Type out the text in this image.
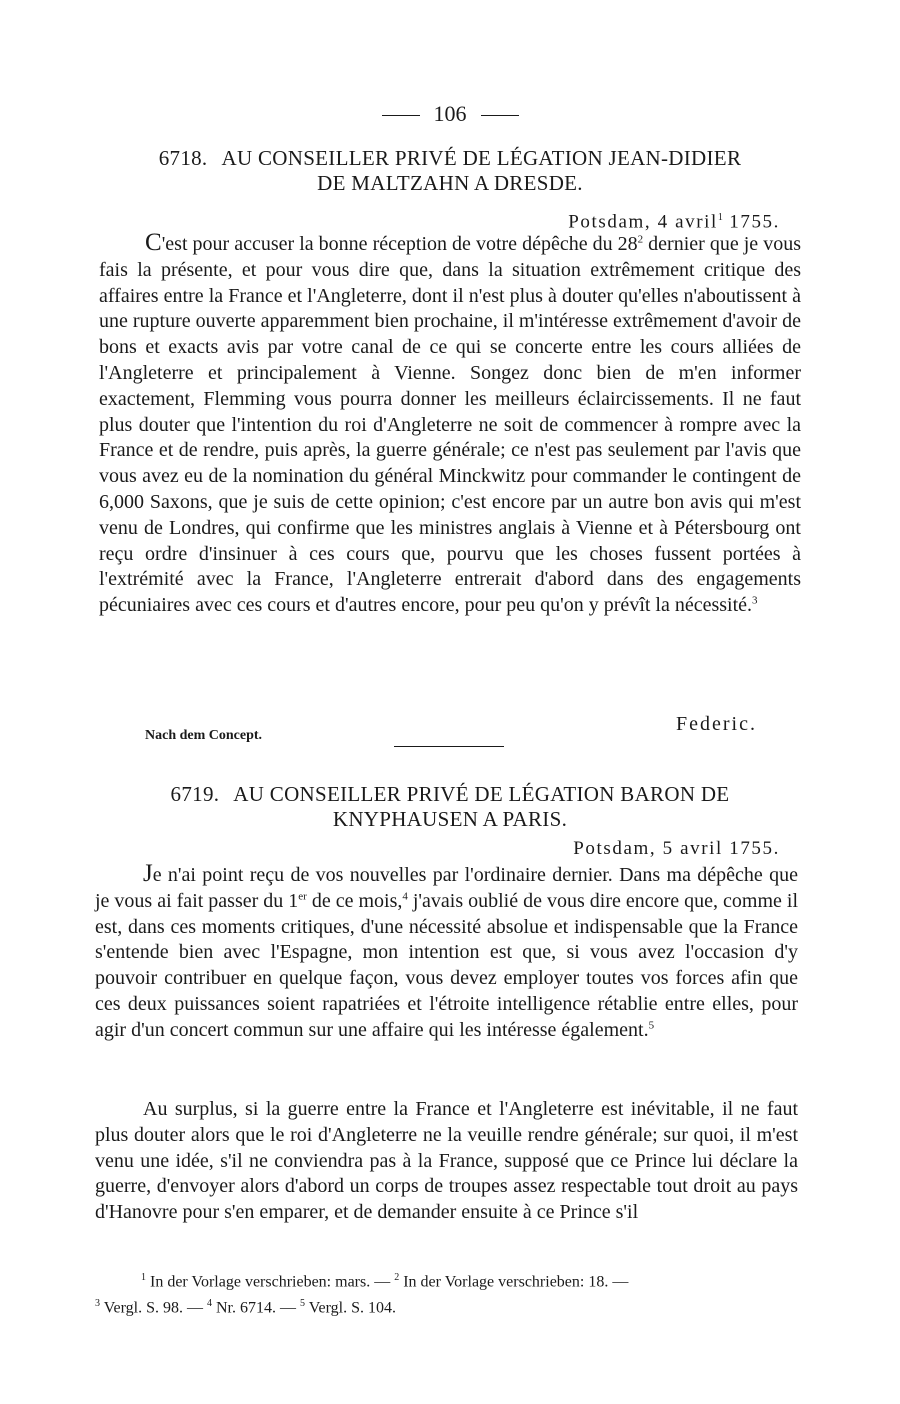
106
6718. AU CONSEILLER PRIVÉ DE LÉGATION JEAN-DIDIER
DE MALTZAHN A DRESDE.
Potsdam, 4 avril$^1$ 1755.

C'est pour accuser la bonne réception de votre dépêche du $28^2$ dernier que je vous fais la présente, et pour vous dire que, dans la situation extrêmement critique des affaires entre la France et l'Angleterre, dont il n'est plus à douter qu'elles n'aboutissent à une rupture ouverte apparemment bien prochaine, il m'intéresse extrêmement d'avoir de bons et exacts avis par votre canal de ce qui se concerte entre les cours alliées de l'Angleterre et principalement à Vienne. Songez donc bien de m'en informer exactement, Flemming vous pourra donner les meilleurs éclaircissements. Il ne faut plus douter que l'intention du roi d'Angleterre ne soit de commencer à rompre avec la France et de rendre, puis après, la guerre générale; ce n'est pas seulement par l'avis que vous avez eu de la nomination du général Minckwitz pour commander le contingent de 6,000 Saxons, que je suis de cette opinion; c'est encore par un autre bon avis qui m'est venu de Londres, qui confirme que les ministres anglais à Vienne et à Pétersbourg ont reçu ordre d'insinuer à ces cours que, pourvu que les choses fussent portées à l'extrémité avec la France, l'Angleterre entrerait d'abord dans des engagements pécuniaires avec ces cours et d'autres encore, pour peu qu'on y prévît la nécessité.$^3$

Federic.
Nach dem Concept.
6719. AU CONSEILLER PRIVÉ DE LÉGATION BARON DE
KNYPHAUSEN A PARIS.
Potsdam, 5 avril 1755.

Je n'ai point reçu de vos nouvelles par l'ordinaire dernier. Dans ma dépêche que je vous ai fait passer du 1er de ce mois,$^4$ j'avais oublié de vous dire encore que, comme il est, dans ces moments critiques, d'une nécessité absolue et indispensable que la France s'entende bien avec l'Espagne, mon intention est que, si vous avez l'occasion d'y pouvoir contribuer en quelque façon, vous devez employer toutes vos forces afin que ces deux puissances soient rapatriées et l'étroite intelligence rétablie entre elles, pour agir d'un concert commun sur une affaire qui les intéresse également.$^5$

Au surplus, si la guerre entre la France et l'Angleterre est inévitable, il ne faut plus douter alors que le roi d'Angleterre ne la veuille rendre générale; sur quoi, il m'est venu une idée, s'il ne conviendra pas à la France, supposé que ce Prince lui déclare la guerre, d'envoyer alors d'abord un corps de troupes assez respectable tout droit au pays d'Hanovre pour s'en emparer, et de demander ensuite à ce Prince s'il

$^1$ In der Vorlage verschrieben: mars. — $^2$ In der Vorlage verschrieben: 18. —
$^3$ Vergl. S. 98. — $^4$ Nr. 6714. — $^5$ Vergl. S. 104.
